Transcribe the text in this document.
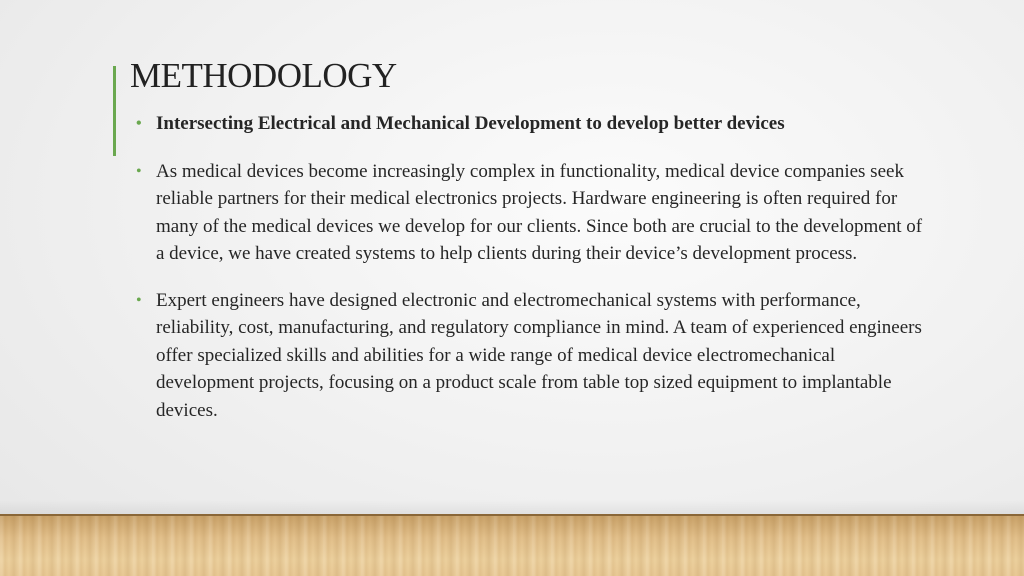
METHODOLOGY
• Intersecting Electrical and Mechanical Development to develop better devices
• As medical devices become increasingly complex in functionality, medical device companies seek reliable partners for their medical electronics projects. Hardware engineering is often required for many of the medical devices we develop for our clients. Since both are crucial to the development of a device, we have created systems to help clients during their device’s development process.
• Expert engineers have designed electronic and electromechanical systems with performance, reliability, cost, manufacturing, and regulatory compliance in mind. A team of experienced engineers offer specialized skills and abilities for a wide range of medical device electromechanical development projects, focusing on a product scale from table top sized equipment to implantable devices.
